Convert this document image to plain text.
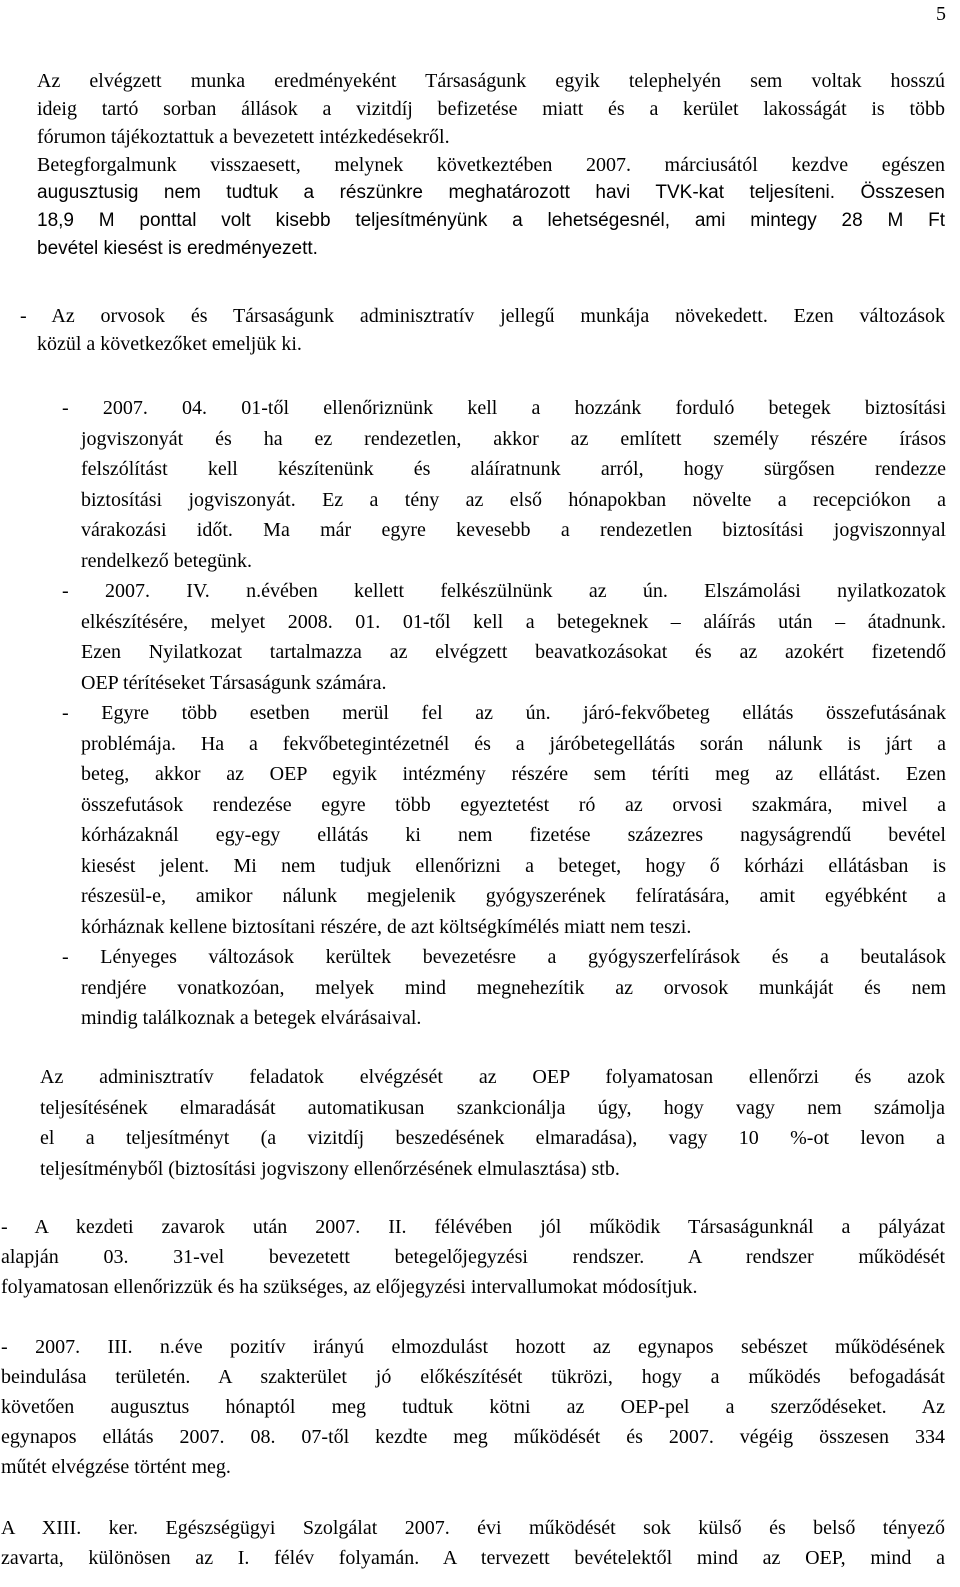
5
Az elvégzett munka eredményeként Társaságunk egyik telephelyén sem voltak hosszú
ideig tartó sorban állások a vizitdíj befizetése miatt és a kerület lakosságát is több
fórumon tájékoztattuk a bevezetett intézkedésekről.
Betegforgalmunk visszaesett, melynek következtében 2007. márciusától kezdve egészen
augusztusig nem tudtuk a részünkre meghatározott havi TVK-kat teljesíteni. Összesen
18,9 M ponttal volt kisebb teljesítményünk a lehetségesnél, ami mintegy 28 M Ft
bevétel kiesést is eredményezett.
- Az orvosok és Társaságunk adminisztratív jellegű munkája növekedett. Ezen változások
közül a következőket emeljük ki.
- 2007. 04. 01-től ellenőriznünk kell a hozzánk forduló betegek biztosítási
jogviszonyát és ha ez rendezetlen, akkor az említett személy részére írásos
felszólítást kell készítenünk és aláíratnunk arról, hogy sürgősen rendezze
biztosítási jogviszonyát. Ez a tény az első hónapokban növelte a recepciókon a
várakozási időt. Ma már egyre kevesebb a rendezetlen biztosítási jogviszonnyal
rendelkező betegünk.
- 2007. IV. n.évében kellett felkészülnünk az ún. Elszámolási nyilatkozatok
elkészítésére, melyet 2008. 01. 01-től kell a betegeknek – aláírás után – átadnunk.
Ezen Nyilatkozat tartalmazza az elvégzett beavatkozásokat és az azokért fizetendő
OEP térítéseket Társaságunk számára.
- Egyre több esetben merül fel az ún. járó-fekvőbeteg ellátás összefutásának
problémája. Ha a fekvőbetegintézetnél és a járóbetegellátás során nálunk is járt a
beteg, akkor az OEP egyik intézmény részére sem téríti meg az ellátást. Ezen
összefutások rendezése egyre több egyeztetést ró az orvosi szakmára, mivel a
kórházaknál egy-egy ellátás ki nem fizetése százezres nagyságrendű bevétel
kiesést jelent. Mi nem tudjuk ellenőrizni a beteget, hogy ő kórházi ellátásban is
részesül-e, amikor nálunk megjelenik gyógyszerének felíratására, amit egyébként a
kórháznak kellene biztosítani részére, de azt költségkímélés miatt nem teszi.
- Lényeges változások kerültek bevezetésre a gyógyszerfelírások és a beutalások
rendjére vonatkozóan, melyek mind megnehezítik az orvosok munkáját és nem
mindig találkoznak a betegek elvárásaival.
Az adminisztratív feladatok elvégzését az OEP folyamatosan ellenőrzi és azok
teljesítésének elmaradását automatikusan szankcionálja úgy, hogy vagy nem számolja
el a teljesítményt (a vizitdíj beszedésének elmaradása), vagy 10 %-ot levon a
teljesítményből (biztosítási jogviszony ellenőrzésének elmulasztása) stb.
- A kezdeti zavarok után 2007. II. félévében jól működik Társaságunknál a pályázat
alapján 03. 31-vel bevezetett betegelőjegyzési rendszer. A rendszer működését
folyamatosan ellenőrizzük és ha szükséges, az előjegyzési intervallumokat módosítjuk.
- 2007. III. n.éve pozitív irányú elmozdulást hozott az egynapos sebészet működésének
beindulása területén. A szakterület jó előkészítését tükrözi, hogy a működés befogadását
követően augusztus hónaptól meg tudtuk kötni az OEP-pel a szerződéseket. Az
egynapos ellátás 2007. 08. 07-től kezdte meg működését és 2007. végéig összesen 334
műtét elvégzése történt meg.
A XIII. ker. Egészségügyi Szolgálat 2007. évi működését sok külső és belső tényező
zavarta, különösen az I. félév folyamán. A tervezett bevételektől mind az OEP, mind a
